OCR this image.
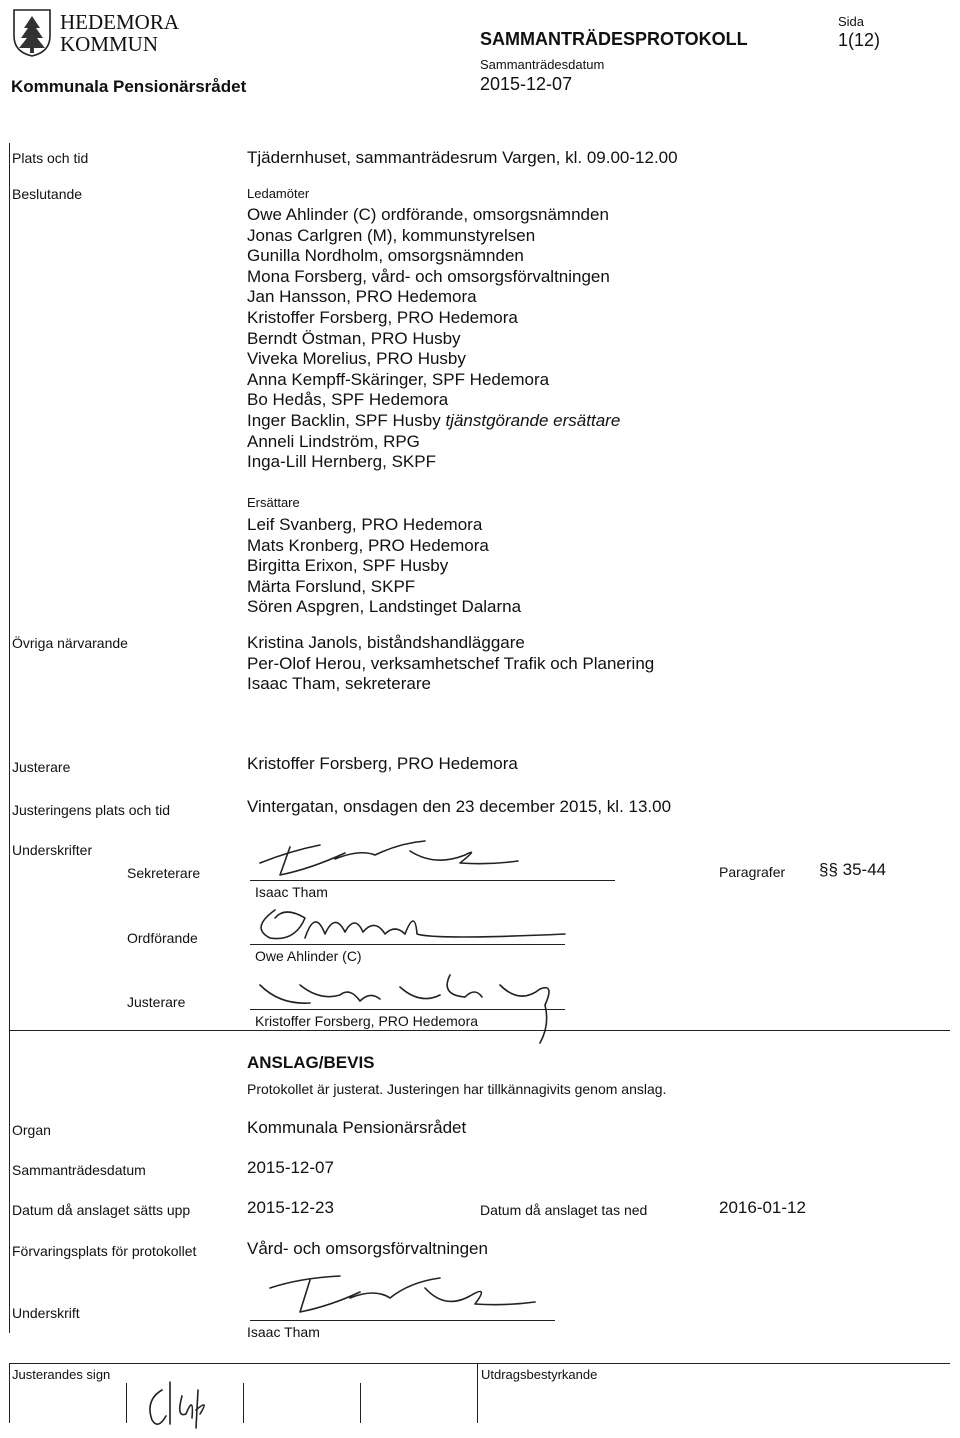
HEDEMORA
KOMMUN	SAMMANTRÄDESPROTOKOLL
Sammanträdesdatum
2015-12-07
Sida
1(12)
Kommunala Pensionärsrådet
Plats och tid	Tjädernhuset, sammanträdesrum Vargen, kl. 09.00-12.00
Beslutande	Ledamöter
Owe Ahlinder (C) ordförande, omsorgsnämnden
Jonas Carlgren (M), kommunstyrelsen
Gunilla Nordholm, omsorgsnämnden
Mona Forsberg, vård- och omsorgsförvaltningen
Jan Hansson, PRO Hedemora
Kristoffer Forsberg, PRO Hedemora
Berndt Östman, PRO Husby
Viveka Morelius, PRO Husby
Anna Kempff-Skäringer, SPF Hedemora
Bo Hedås, SPF Hedemora
Inger Backlin, SPF Husby tjänstgörande ersättare
Anneli Lindström, RPG
Inga-Lill Hernberg, SKPF
Ersättare
Leif Svanberg, PRO Hedemora
Mats Kronberg, PRO Hedemora
Birgitta Erixon, SPF Husby
Märta Forslund, SKPF
Sören Aspgren, Landstinget Dalarna
Övriga närvarande	Kristina Janols, biståndshandläggare
Per-Olof Herou, verksamhetschef Trafik och Planering
Isaac Tham, sekreterare
Justerare	Kristoffer Forsberg, PRO Hedemora
Justeringens plats och tid	Vintergatan, onsdagen den 23 december 2015, kl. 13.00
Underskrifter
Sekreterare
Isaac Tham
Paragrafer §§ 35-44
Ordförande
Owe Ahlinder (C)
Justerare
Kristoffer Forsberg, PRO Hedemora
ANSLAG/BEVIS
Protokollet är justerat. Justeringen har tillkännagivits genom anslag.
Organ	Kommunala Pensionärsrådet
Sammanträdesdatum	2015-12-07
Datum då anslaget sätts upp	2015-12-23	Datum då anslaget tas ned	2016-01-12
Förvaringsplats för protokollet	Vård- och omsorgsförvaltningen
Underskrift
Isaac Tham
Justerandes sign	Utdragsbestyrkande
